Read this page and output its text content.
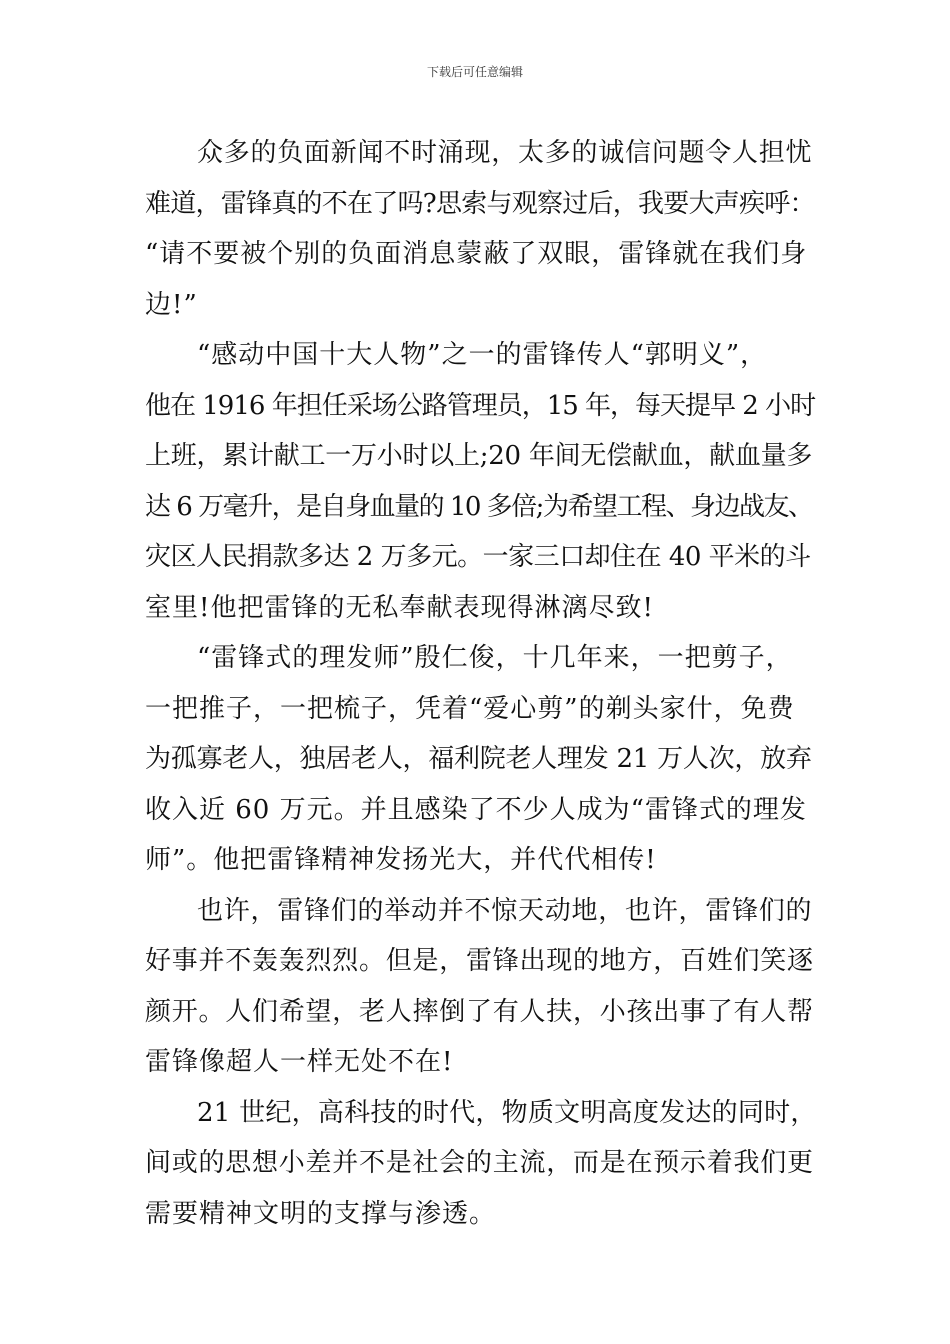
下载后可任意编辑
众多的负面新闻不时涌现，太多的诚信问题令人担忧
难道，雷锋真的不在了吗?思索与观察过后，我要大声疾呼：
“请不要被个别的负面消息蒙蔽了双眼，雷锋就在我们身
边!”
“感动中国十大人物”之一的雷锋传人“郭明义”，
他在 1916 年担任采场公路管理员，15 年，每天提早 2 小时
上班，累计献工一万小时以上;20 年间无偿献血，献血量多
达 6 万毫升，是自身血量的 10 多倍;为希望工程、身边战友、
灾区人民捐款多达 2 万多元。一家三口却住在 40 平米的斗
室里!他把雷锋的无私奉献表现得淋漓尽致!
“雷锋式的理发师”殷仁俊，十几年来，一把剪子，
一把推子，一把梳子，凭着“爱心剪”的剃头家什，免费
为孤寡老人，独居老人，福利院老人理发 21 万人次，放弃
收入近 60 万元。并且感染了不少人成为“雷锋式的理发
师”。他把雷锋精神发扬光大，并代代相传!
也许，雷锋们的举动并不惊天动地，也许，雷锋们的
好事并不轰轰烈烈。但是，雷锋出现的地方，百姓们笑逐
颜开。人们希望，老人摔倒了有人扶，小孩出事了有人帮
雷锋像超人一样无处不在!
21 世纪，高科技的时代，物质文明高度发达的同时，
间或的思想小差并不是社会的主流，而是在预示着我们更
需要精神文明的支撑与渗透。
